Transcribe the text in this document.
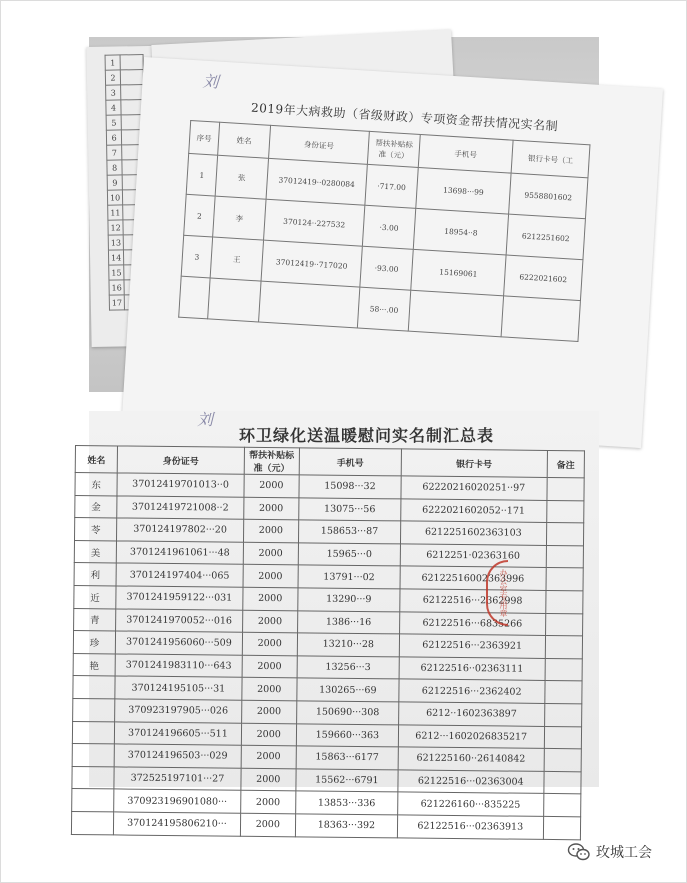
1	
2	
3	
4	
5	
6	
7	
8	
9	
10	
11	
12	
13	
14	
15	
16	
17	
刘
2019年大病救助（省级财政）专项资金帮扶情况实名制
序号	姓名	身份证号	帮扶补贴标准（元）	手机号	银行卡号（工
1	张	37012419··0280084	·717.00	13698···99	9558801602
2	李	370124··227532	·3.00	18954··8	6212251602
3	王	37012419··717020	·93.00	15169061	6222021602
			58···.00		
刘
环卫绿化送温暖慰问实名制汇总表
姓名	身份证号	帮扶补贴标准（元）	手机号	银行卡号	备注
东	37012419701013··0	2000	15098···32	62220216020251··97	
金	37012419721008··2	2000	13075···56	6222021602052··171	
苓	370124197802···20	2000	158653···87	6212251602363103	
美	3701241961061···48	2000	15965···0	6212251·02363160	
利	370124197404···065	2000	13791···02	62122516002363996	
近	3701241959122···031	2000	13290···9	62122516···2362998	
青	3701241970052···016	2000	1386···16	62122516···6835266	
珍	3701241956060···509	2000	13210···28	62122516···2363921	
艳	3701241983110···643	2000	13256···3	62122516··02363111	
	370124195105···31	2000	130265···69	62122516···2362402	
	370923197905···026	2000	150690···308	6212··1602363897	
	370124196605···511	2000	159660···363	6212···1602026835217	
	370124196503···029	2000	15863···6177	621225160··26140842	
	372525197101···27	2000	15562···6791	62122516···02363004	
	370923196901080···	2000	13853···336	621226160···835225	
	370124195806210···	2000	18363···392	62122516···02363913	
办公室专用章
玫城工会
